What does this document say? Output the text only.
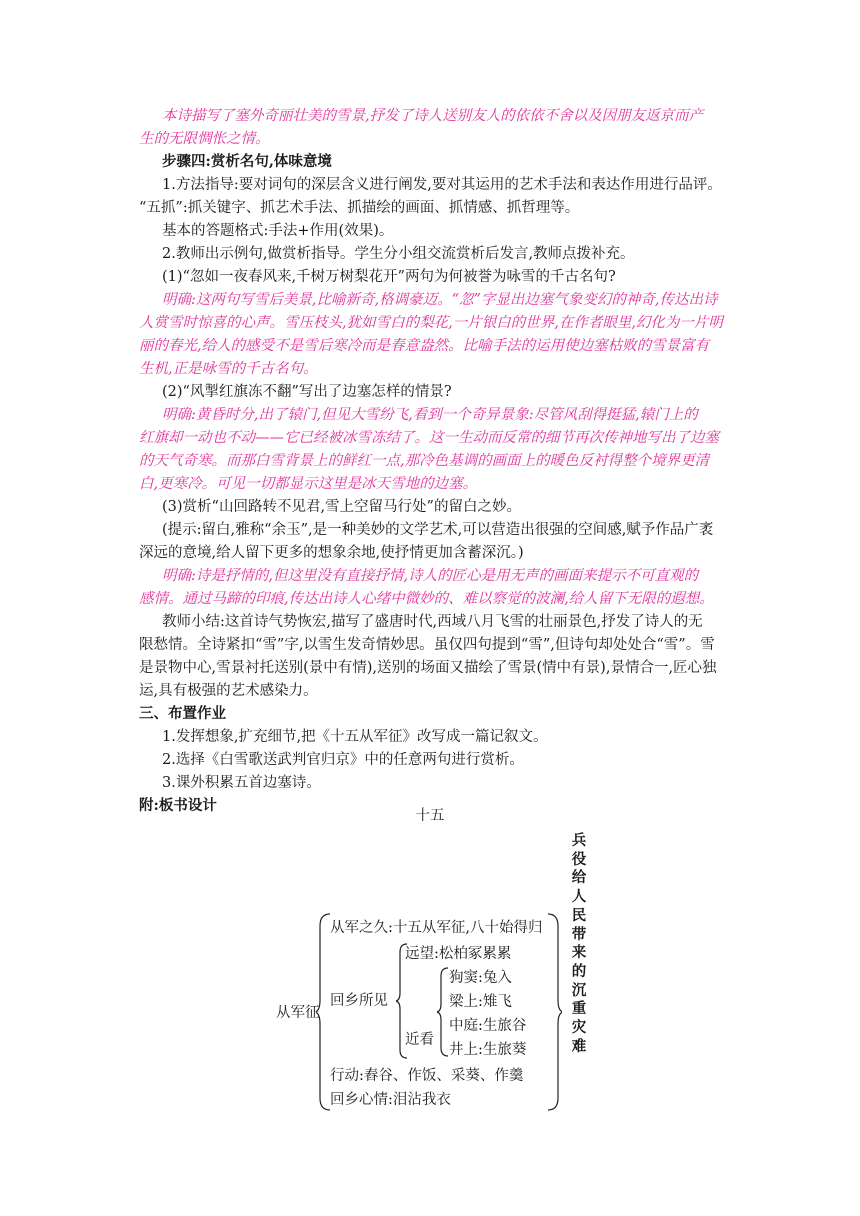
本诗描写了塞外奇丽壮美的雪景,抒发了诗人送别友人的依依不舍以及因朋友返京而产
生的无限惆怅之情。
步骤四:赏析名句,体味意境
1.方法指导:要对词句的深层含义进行阐发,要对其运用的艺术手法和表达作用进行品评。
“五抓”:抓关键字、抓艺术手法、抓描绘的画面、抓情感、抓哲理等。
基本的答题格式:手法+作用(效果)。
2.教师出示例句,做赏析指导。学生分小组交流赏析后发言,教师点拨补充。
(1)“忽如一夜春风来,千树万树梨花开”两句为何被誉为咏雪的千古名句?
明确:这两句写雪后美景,比喻新奇,格调豪迈。“忽”字显出边塞气象变幻的神奇,传达出诗
人赏雪时惊喜的心声。雪压枝头,犹如雪白的梨花,一片银白的世界,在作者眼里,幻化为一片明
丽的春光,给人的感受不是雪后寒冷而是春意盎然。比喻手法的运用使边塞枯败的雪景富有
生机,正是咏雪的千古名句。
(2)“风掣红旗冻不翻”写出了边塞怎样的情景?
明确:黄昏时分,出了辕门,但见大雪纷飞,看到一个奇异景象:尽管风刮得挺猛,辕门上的
红旗却一动也不动——它已经被冰雪冻结了。这一生动而反常的细节再次传神地写出了边塞
的天气奇寒。而那白雪背景上的鲜红一点,那冷色基调的画面上的暖色反衬得整个境界更清
白,更寒冷。可见一切都显示这里是冰天雪地的边塞。
(3)赏析“山回路转不见君,雪上空留马行处”的留白之妙。
(提示:留白,雅称“余玉”,是一种美妙的文学艺术,可以营造出很强的空间感,赋予作品广袤
深远的意境,给人留下更多的想象余地,使抒情更加含蓄深沉。)
明确:诗是抒情的,但这里没有直接抒情,诗人的匠心是用无声的画面来提示不可直观的
感情。通过马蹄的印痕,传达出诗人心绪中微妙的、难以察觉的波澜,给人留下无限的遐想。
教师小结:这首诗气势恢宏,描写了盛唐时代,西域八月飞雪的壮丽景色,抒发了诗人的无
限愁情。全诗紧扣“雪”字,以雪生发奇情妙思。虽仅四句提到“雪”,但诗句却处处合“雪”。雪
是景物中心,雪景衬托送别(景中有情),送别的场面又描绘了雪景(情中有景),景情合一,匠心独
运,具有极强的艺术感染力。
三、布置作业
1.发挥想象,扩充细节,把《十五从军征》改写成一篇记叙文。
2.选择《白雪歌送武判官归京》中的任意两句进行赏析。
3.课外积累五首边塞诗。
附:板书设计
十五
从军征
从军之久:十五从军征,八十始得归
回乡所见
远望:松柏冢累累
近看
狗窦:兔入
梁上:雉飞
中庭:生旅谷
井上:生旅葵
行动:舂谷、作饭、采葵、作羹
回乡心情:泪沾我衣
兵役给人民带来的沉重灾难
